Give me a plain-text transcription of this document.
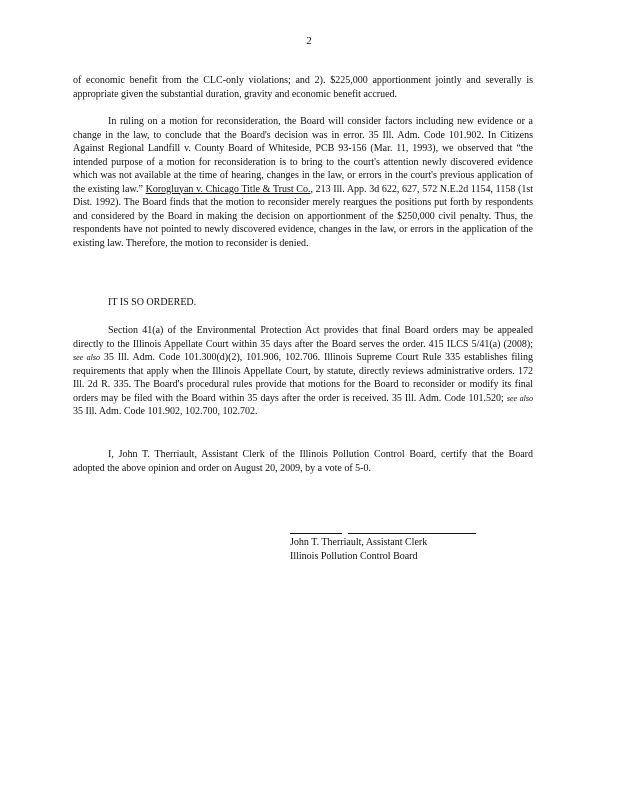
2

of economic benefit from the CLC-only violations; and 2). $225,000 apportionment jointly and severally is appropriate given the substantial duration, gravity and economic benefit accrued.

In ruling on a motion for reconsideration, the Board will consider factors including new evidence or a change in the law, to conclude that the Board's decision was in error. 35 Ill. Adm. Code 101.902. In Citizens Against Regional Landfill v. County Board of Whiteside, PCB 93-156 (Mar. 11, 1993), we observed that “the intended purpose of a motion for reconsideration is to bring to the court's attention newly discovered evidence which was not available at the time of hearing, changes in the law, or errors in the court's previous application of the existing law.” Korogluyan v. Chicago Title & Trust Co., 213 Ill. App. 3d 622, 627, 572 N.E.2d 1154, 1158 (1st Dist. 1992). The Board finds that the motion to reconsider merely reargues the positions put forth by respondents and considered by the Board in making the decision on apportionment of the $250,000 civil penalty. Thus, the respondents have not pointed to newly discovered evidence, changes in the law, or errors in the application of the existing law. Therefore, the motion to reconsider is denied.

IT IS SO ORDERED.

Section 41(a) of the Environmental Protection Act provides that final Board orders may be appealed directly to the Illinois Appellate Court within 35 days after the Board serves the order. 415 ILCS 5/41(a) (2008); see also 35 Ill. Adm. Code 101.300(d)(2), 101.906, 102.706. Illinois Supreme Court Rule 335 establishes filing requirements that apply when the Illinois Appellate Court, by statute, directly reviews administrative orders. 172 Ill. 2d R. 335. The Board's procedural rules provide that motions for the Board to reconsider or modify its final orders may be filed with the Board within 35 days after the order is received. 35 Ill. Adm. Code 101.520; see also 35 Ill. Adm. Code 101.902, 102.700, 102.702.

I, John T. Therriault, Assistant Clerk of the Illinois Pollution Control Board, certify that the Board adopted the above opinion and order on August 20, 2009, by a vote of 5-0.

John T. Therriault, Assistant Clerk
Illinois Pollution Control Board
